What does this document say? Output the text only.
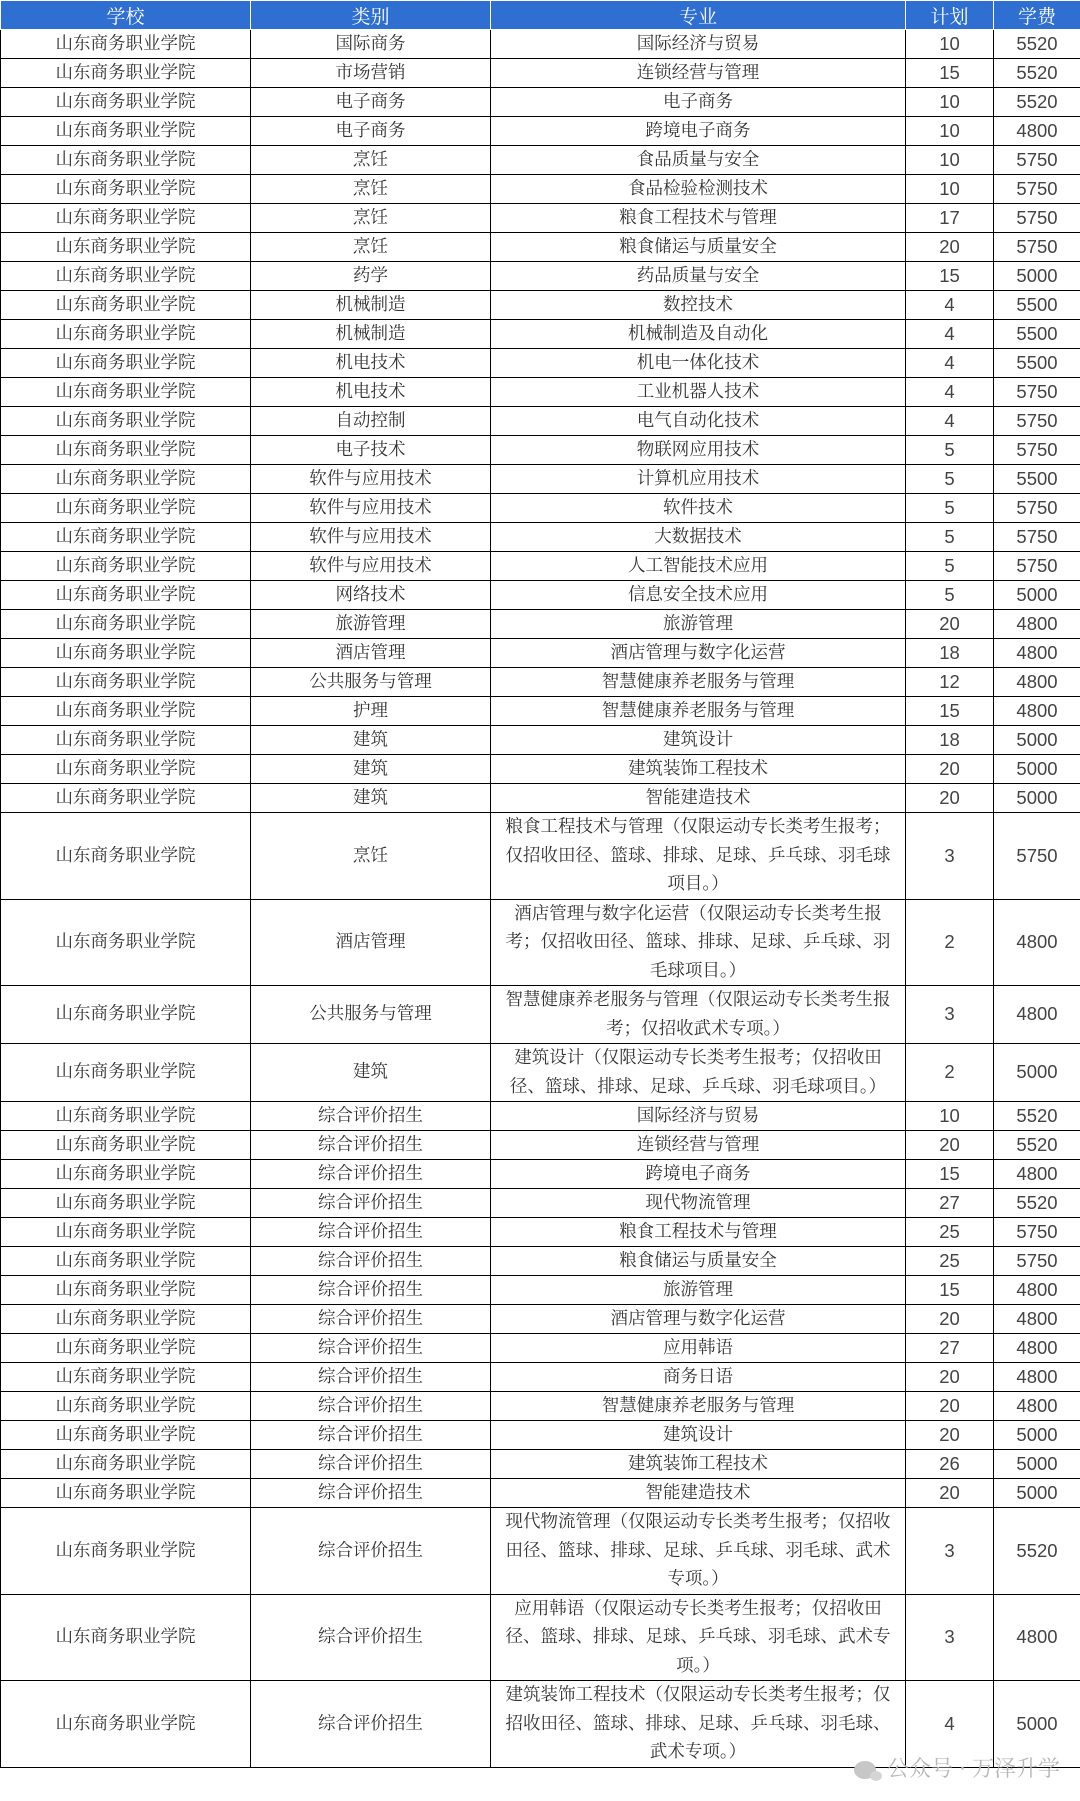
学校	类别	专业	计划	学费
山东商务职业学院	国际商务	国际经济与贸易	10	5520
山东商务职业学院	市场营销	连锁经营与管理	15	5520
山东商务职业学院	电子商务	电子商务	10	5520
山东商务职业学院	电子商务	跨境电子商务	10	4800
山东商务职业学院	烹饪	食品质量与安全	10	5750
山东商务职业学院	烹饪	食品检验检测技术	10	5750
山东商务职业学院	烹饪	粮食工程技术与管理	17	5750
山东商务职业学院	烹饪	粮食储运与质量安全	20	5750
山东商务职业学院	药学	药品质量与安全	15	5000
山东商务职业学院	机械制造	数控技术	4	5500
山东商务职业学院	机械制造	机械制造及自动化	4	5500
山东商务职业学院	机电技术	机电一体化技术	4	5500
山东商务职业学院	机电技术	工业机器人技术	4	5750
山东商务职业学院	自动控制	电气自动化技术	4	5750
山东商务职业学院	电子技术	物联网应用技术	5	5750
山东商务职业学院	软件与应用技术	计算机应用技术	5	5500
山东商务职业学院	软件与应用技术	软件技术	5	5750
山东商务职业学院	软件与应用技术	大数据技术	5	5750
山东商务职业学院	软件与应用技术	人工智能技术应用	5	5750
山东商务职业学院	网络技术	信息安全技术应用	5	5000
山东商务职业学院	旅游管理	旅游管理	20	4800
山东商务职业学院	酒店管理	酒店管理与数字化运营	18	4800
山东商务职业学院	公共服务与管理	智慧健康养老服务与管理	12	4800
山东商务职业学院	护理	智慧健康养老服务与管理	15	4800
山东商务职业学院	建筑	建筑设计	18	5000
山东商务职业学院	建筑	建筑装饰工程技术	20	5000
山东商务职业学院	建筑	智能建造技术	20	5000
山东商务职业学院	烹饪	粮食工程技术与管理（仅限运动专长类考生报考；仅招收田径、篮球、排球、足球、乒乓球、羽毛球项目。）	3	5750
山东商务职业学院	酒店管理	酒店管理与数字化运营（仅限运动专长类考生报考；仅招收田径、篮球、排球、足球、乒乓球、羽毛球项目。）	2	4800
山东商务职业学院	公共服务与管理	智慧健康养老服务与管理（仅限运动专长类考生报考；仅招收武术专项。）	3	4800
山东商务职业学院	建筑	建筑设计（仅限运动专长类考生报考；仅招收田径、篮球、排球、足球、乒乓球、羽毛球项目。）	2	5000
山东商务职业学院	综合评价招生	国际经济与贸易	10	5520
山东商务职业学院	综合评价招生	连锁经营与管理	20	5520
山东商务职业学院	综合评价招生	跨境电子商务	15	4800
山东商务职业学院	综合评价招生	现代物流管理	27	5520
山东商务职业学院	综合评价招生	粮食工程技术与管理	25	5750
山东商务职业学院	综合评价招生	粮食储运与质量安全	25	5750
山东商务职业学院	综合评价招生	旅游管理	15	4800
山东商务职业学院	综合评价招生	酒店管理与数字化运营	20	4800
山东商务职业学院	综合评价招生	应用韩语	27	4800
山东商务职业学院	综合评价招生	商务日语	20	4800
山东商务职业学院	综合评价招生	智慧健康养老服务与管理	20	4800
山东商务职业学院	综合评价招生	建筑设计	20	5000
山东商务职业学院	综合评价招生	建筑装饰工程技术	26	5000
山东商务职业学院	综合评价招生	智能建造技术	20	5000
山东商务职业学院	综合评价招生	现代物流管理（仅限运动专长类考生报考；仅招收田径、篮球、排球、足球、乒乓球、羽毛球、武术专项。）	3	5520
山东商务职业学院	综合评价招生	应用韩语（仅限运动专长类考生报考；仅招收田径、篮球、排球、足球、乒乓球、羽毛球、武术专项。）	3	4800
山东商务职业学院	综合评价招生	建筑装饰工程技术（仅限运动专长类考生报考；仅招收田径、篮球、排球、足球、乒乓球、羽毛球、武术专项。）	4	5000
公众号 · 万泽升学
